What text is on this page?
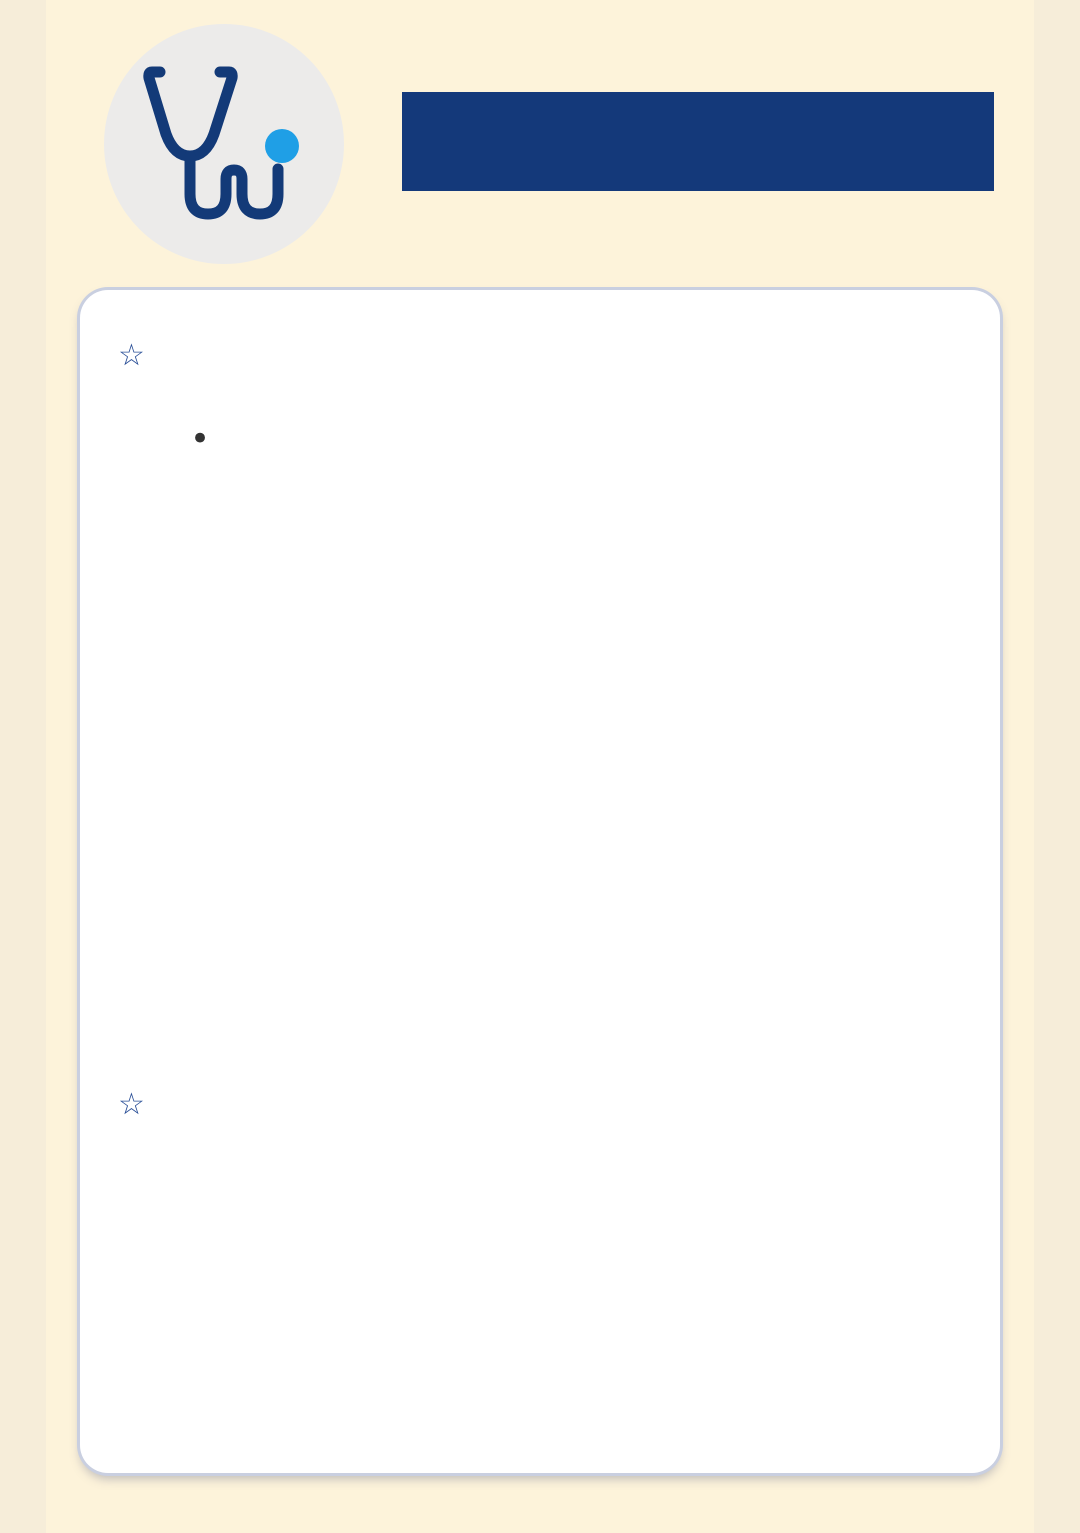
☆
•
☆
